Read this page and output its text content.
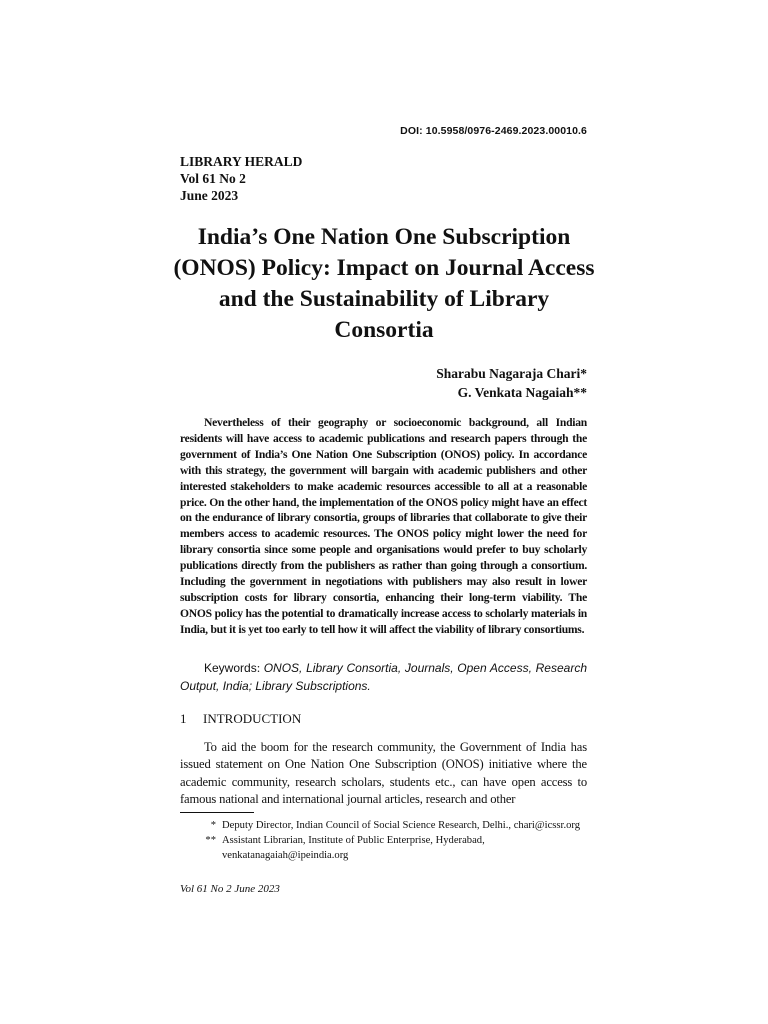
DOI: 10.5958/0976-2469.2023.00010.6
LIBRARY HERALD
Vol 61 No 2
June 2023
India’s One Nation One Subscription (ONOS) Policy: Impact on Journal Access and the Sustainability of Library Consortia
Sharabu Nagaraja Chari*
G. Venkata Nagaiah**

Nevertheless of their geography or socioeconomic background, all Indian residents will have access to academic publications and research papers through the government of India’s One Nation One Subscription (ONOS) policy. In accordance with this strategy, the government will bargain with academic publishers and other interested stakeholders to make academic resources accessible to all at a reasonable price. On the other hand, the implementation of the ONOS policy might have an effect on the endurance of library consortia, groups of libraries that collaborate to give their members access to academic resources. The ONOS policy might lower the need for library consortia since some people and organisations would prefer to buy scholarly publications directly from the publishers as rather than going through a consortium. Including the government in negotiations with publishers may also result in lower subscription costs for library consortia, enhancing their long-term viability. The ONOS policy has the potential to dramatically increase access to scholarly materials in India, but it is yet too early to tell how it will affect the viability of library consortiums.

Keywords: ONOS, Library Consortia, Journals, Open Access, Research Output, India; Library Subscriptions.

1 INTRODUCTION

To aid the boom for the research community, the Government of India has issued statement on One Nation One Subscription (ONOS) initiative where the academic community, research scholars, students etc., can have open access to famous national and international journal articles, research and other

* Deputy Director, Indian Council of Social Science Research, Delhi., chari@icssr.org
** Assistant Librarian, Institute of Public Enterprise, Hyderabad, venkatanagaiah@ipeindia.org
Vol 61 No 2 June 2023
